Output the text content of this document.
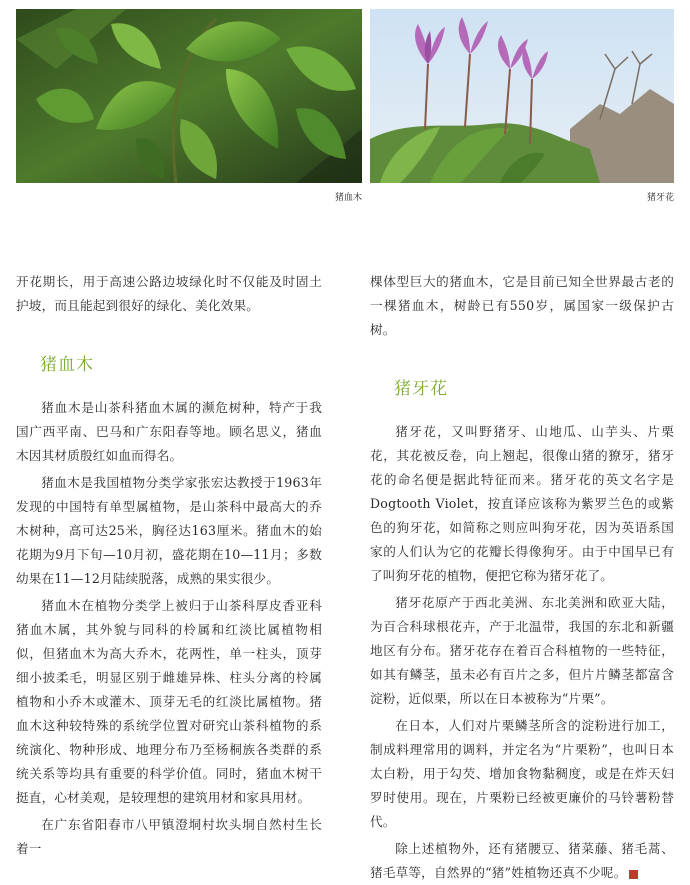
猪血木	猪牙花

开花期长，用于高速公路边坡绿化时不仅能及时固土护坡，而且能起到很好的绿化、美化效果。

猪血木

猪血木是山茶科猪血木属的濒危树种，特产于我国广西平南、巴马和广东阳春等地。顾名思义，猪血木因其材质殷红如血而得名。

猪血木是我国植物分类学家张宏达教授于1963年发现的中国特有单型属植物，是山茶科中最高大的乔木树种，高可达25米，胸径达163厘米。猪血木的始花期为9月下旬—10月初，盛花期在10—11月；多数幼果在11—12月陆续脱落，成熟的果实很少。

猪血木在植物分类学上被归于山茶科厚皮香亚科猪血木属，其外貌与同科的柃属和红淡比属植物相似，但猪血木为高大乔木，花两性，单一柱头，顶芽细小披柔毛，明显区别于雌雄异株、柱头分离的柃属植物和小乔木或灌木、顶芽无毛的红淡比属植物。猪血木这种较特殊的系统学位置对研究山茶科植物的系统演化、物种形成、地理分布乃至杨桐族各类群的系统关系等均具有重要的科学价值。同时，猪血木树干挺直，心材美观，是较理想的建筑用材和家具用材。

在广东省阳春市八甲镇澄垌村坎头垌自然村生长着一

棵体型巨大的猪血木，它是目前已知全世界最古老的一棵猪血木，树龄已有550岁，属国家一级保护古树。

猪牙花

猪牙花，又叫野猪牙、山地瓜、山芋头、片栗花，其花被反卷，向上翘起，很像山猪的獠牙，猪牙花的命名便是据此特征而来。猪牙花的英文名字是Dogtooth Violet，按直译应该称为紫罗兰色的或紫色的狗牙花，如简称之则应叫狗牙花，因为英语系国家的人们认为它的花瓣长得像狗牙。由于中国早已有了叫狗牙花的植物，便把它称为猪牙花了。

猪牙花原产于西北美洲、东北美洲和欧亚大陆，为百合科球根花卉，产于北温带，我国的东北和新疆地区有分布。猪牙花存在着百合科植物的一些特征，如其有鳞茎，虽未必有百片之多，但片片鳞茎都富含淀粉，近似栗，所以在日本被称为“片栗”。

在日本，人们对片栗鳞茎所含的淀粉进行加工，制成料理常用的调料，并定名为“片栗粉”，也叫日本太白粉，用于勾芡、增加食物黏稠度，或是在炸天妇罗时使用。现在，片栗粉已经被更廉价的马铃薯粉替代。

除上述植物外，还有猪腰豆、猪菜藤、猪毛蒿、猪毛草等，自然界的“猪”姓植物还真不少呢。	S
